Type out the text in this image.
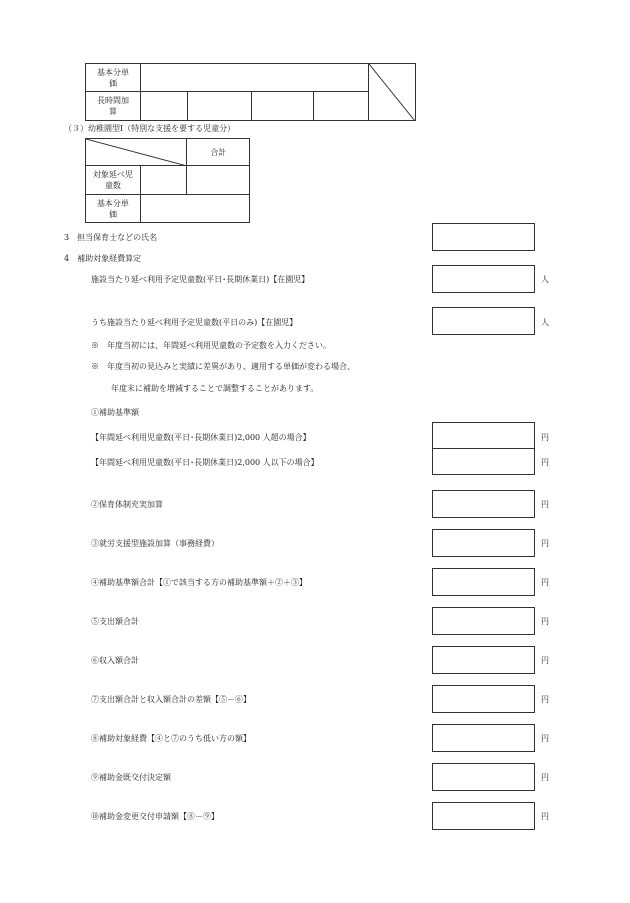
基本分単価		

長時間加算					
（３）幼稚園型Ⅰ（特別な支援を要する児童分）
	合計
対象延べ児童数		
基本分単価		
3　担当保育士などの氏名
4　補助対象経費算定
施設当たり延べ利用予定児童数(平日･長期休業日)【在園児】	人
うち施設当たり延べ利用予定児童数(平日のみ)【在園児】	人
※　年度当初には、年間延べ利用児童数の予定数を入力ください。
※　年度当初の見込みと実績に差異があり、適用する単価が変わる場合、
年度末に補助を増減することで調整することがあります。
①補助基準額
【年間延べ利用児童数(平日･長期休業日)2,000 人超の場合】	円
【年間延べ利用児童数(平日･長期休業日)2,000 人以下の場合】	円
②保育体制充実加算	円
③就労支援型施設加算（事務経費）	円
④補助基準額合計【①で該当する方の補助基準額＋②＋③】	円
⑤支出額合計	円
⑥収入額合計	円
⑦支出額合計と収入額合計の差額【⑤－⑥】	円
⑧補助対象経費【④と⑦のうち低い方の額】	円
⑨補助金既交付決定額	円
⑩補助金変更交付申請額【⑧－⑨】	円
